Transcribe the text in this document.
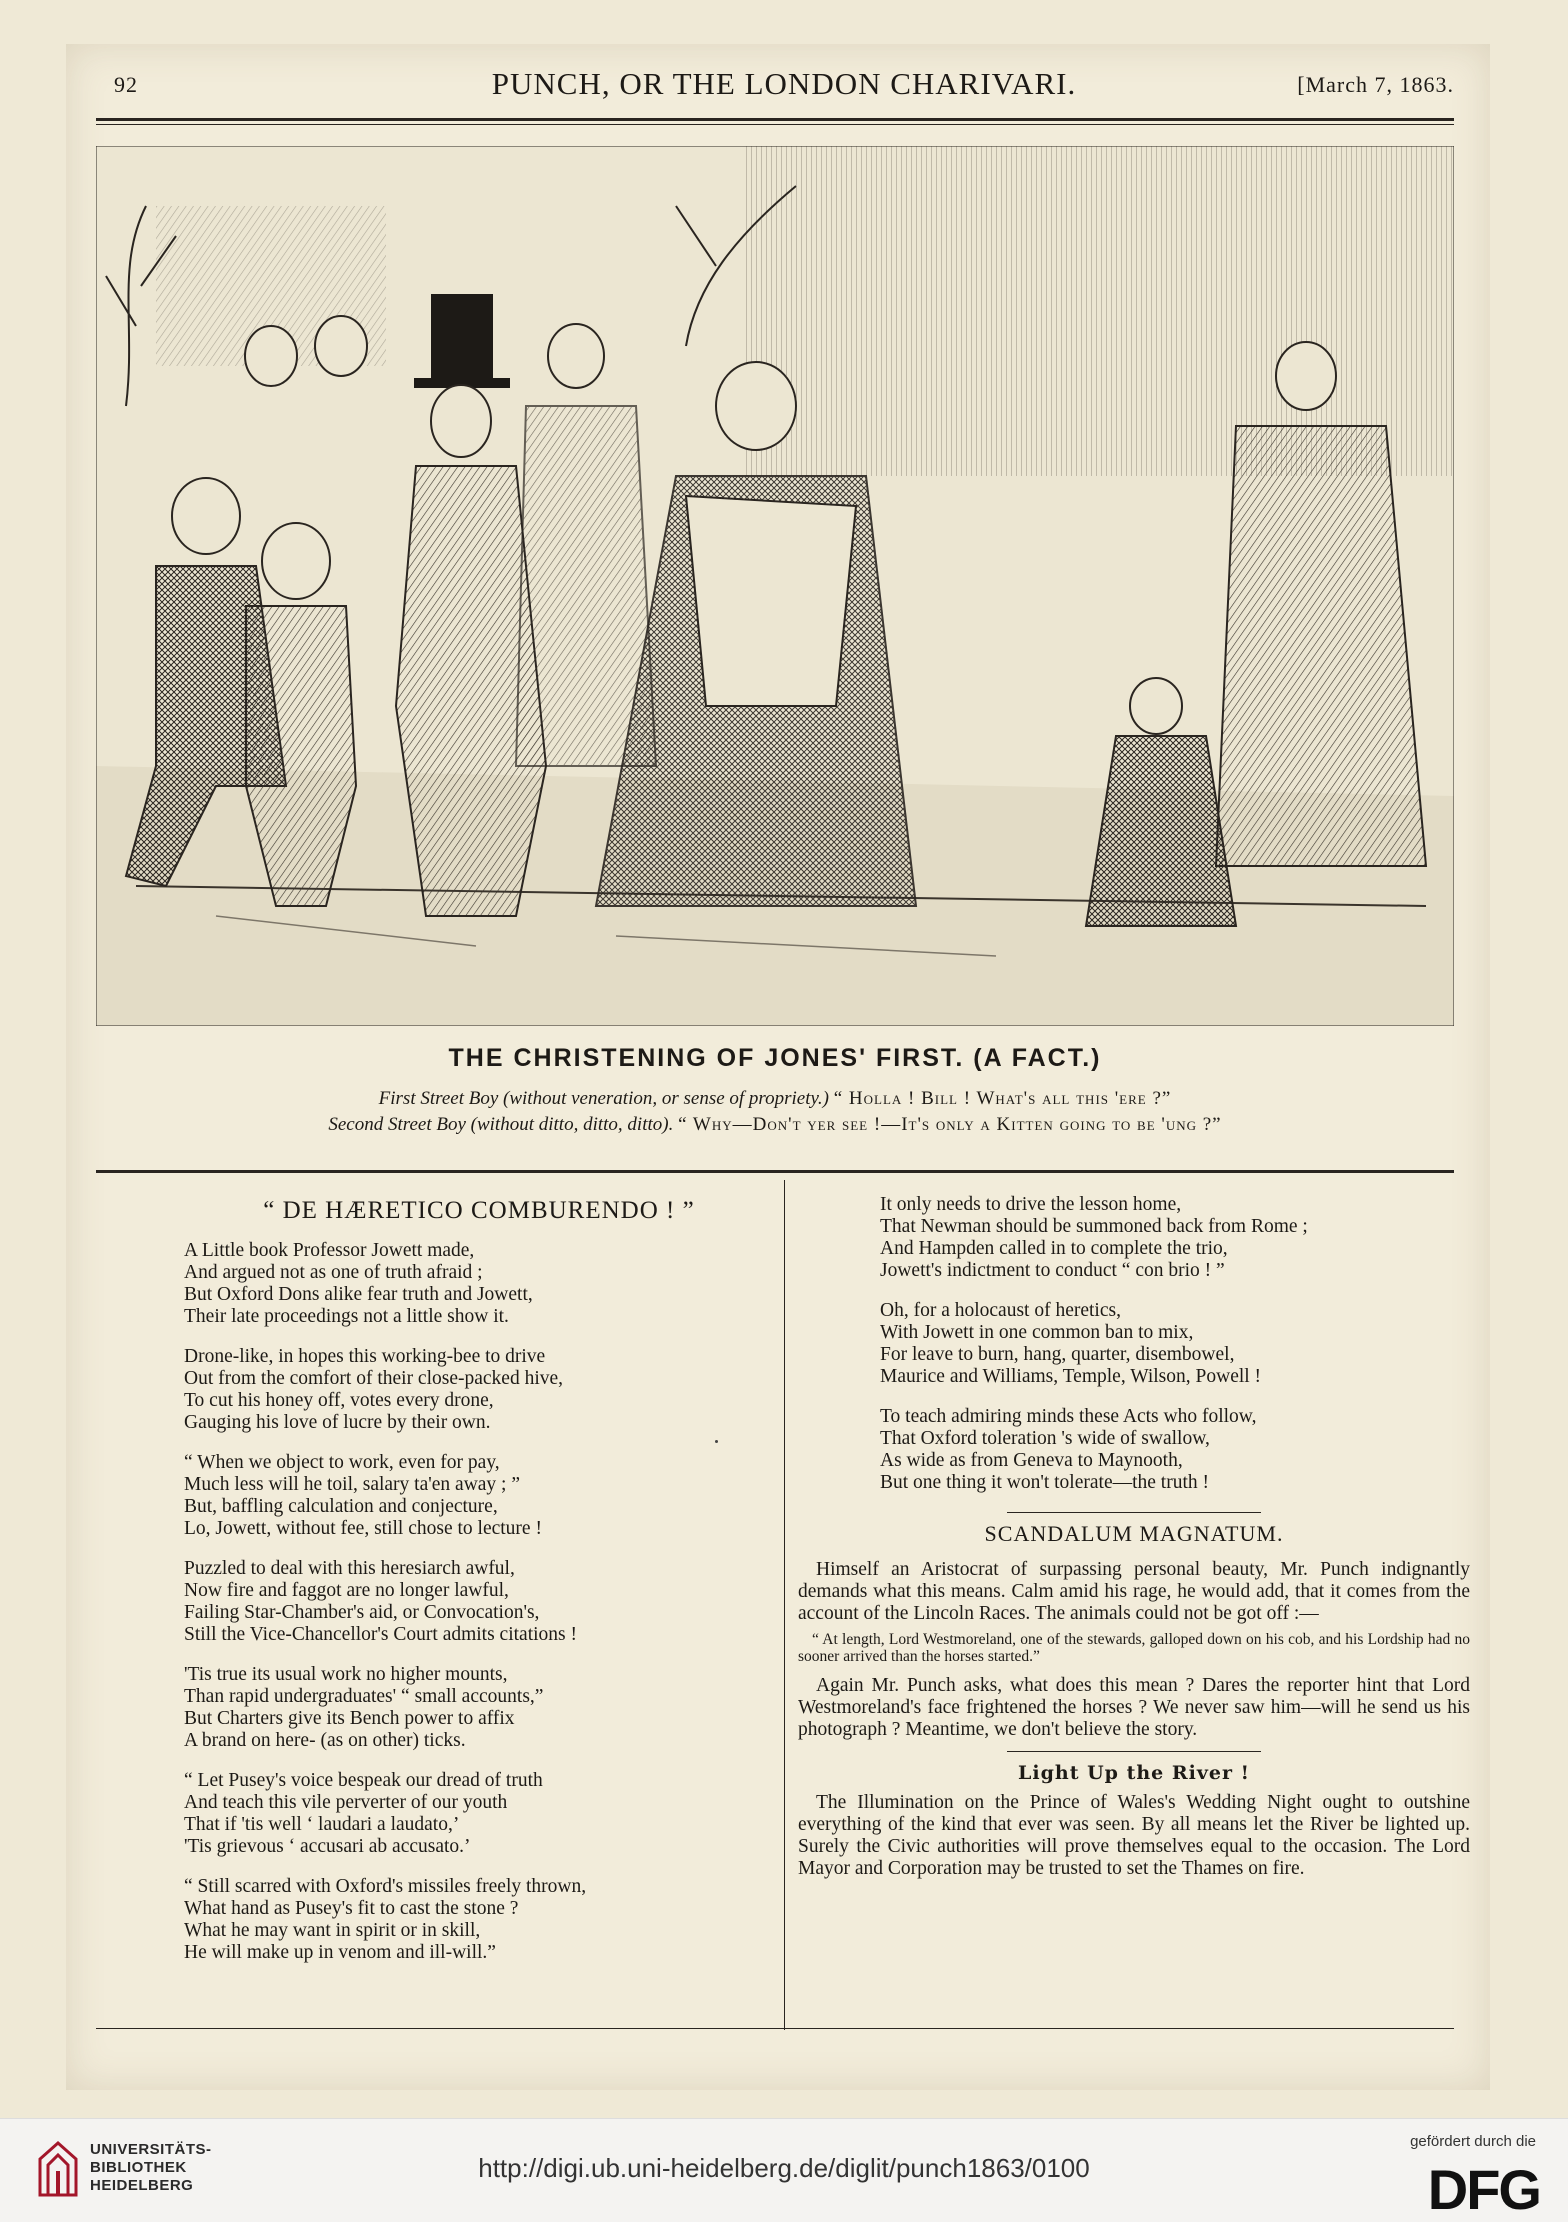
92	PUNCH, OR THE LONDON CHARIVARI.	[March 7, 1863.
THE CHRISTENING OF JONES' FIRST. (A FACT.)
First Street Boy (without veneration, or sense of propriety.) “ Holla ! Bill ! What's all this 'ere ?”
Second Street Boy (without ditto, ditto, ditto). “ Why—Don't yer see !—It's only a Kitten going to be 'ung ?”
“ DE HÆRETICO COMBURENDO ! ”
A Little book Professor Jowett made,
And argued not as one of truth afraid ;
But Oxford Dons alike fear truth and Jowett,
Their late proceedings not a little show it.
Drone-like, in hopes this working-bee to drive
Out from the comfort of their close-packed hive,
To cut his honey off, votes every drone,
Gauging his love of lucre by their own.
“ When we object to work, even for pay,
Much less will he toil, salary ta'en away ; ”
But, baffling calculation and conjecture,
Lo, Jowett, without fee, still chose to lecture !
Puzzled to deal with this heresiarch awful,
Now fire and faggot are no longer lawful,
Failing Star-Chamber's aid, or Convocation's,
Still the Vice-Chancellor's Court admits citations !
'Tis true its usual work no higher mounts,
Than rapid undergraduates' “ small accounts,”
But Charters give its Bench power to affix
A brand on here- (as on other) ticks.
“ Let Pusey's voice bespeak our dread of truth
And teach this vile perverter of our youth
That if 'tis well ‘ laudari a laudato,’
'Tis grievous ‘ accusari ab accusato.’
“ Still scarred with Oxford's missiles freely thrown,
What hand as Pusey's fit to cast the stone ?
What he may want in spirit or in skill,
He will make up in venom and ill-will.”
It only needs to drive the lesson home,
That Newman should be summoned back from Rome ;
And Hampden called in to complete the trio,
Jowett's indictment to conduct “ con brio ! ”
Oh, for a holocaust of heretics,
With Jowett in one common ban to mix,
For leave to burn, hang, quarter, disembowel,
Maurice and Williams, Temple, Wilson, Powell !
To teach admiring minds these Acts who follow,
That Oxford toleration 's wide of swallow,
As wide as from Geneva to Maynooth,
But one thing it won't tolerate—the truth !
SCANDALUM MAGNATUM.

Himself an Aristocrat of surpassing personal beauty, Mr. Punch indignantly demands what this means. Calm amid his rage, he would add, that it comes from the account of the Lincoln Races. The animals could not be got off :—

“ At length, Lord Westmoreland, one of the stewards, galloped down on his cob, and his Lordship had no sooner arrived than the horses started.”

Again Mr. Punch asks, what does this mean ? Dares the reporter hint that Lord Westmoreland's face frightened the horses ? We never saw him—will he send us his photograph ? Meantime, we don't believe the story.

Light Up the River !

The Illumination on the Prince of Wales's Wedding Night ought to outshine everything of the kind that ever was seen. By all means let the River be lighted up. Surely the Civic authorities will prove themselves equal to the occasion. The Lord Mayor and Corporation may be trusted to set the Thames on fire.

UNIVERSITÄTS-
BIBLIOTHEK
HEIDELBERG
http://digi.ub.uni-heidelberg.de/diglit/punch1863/0100
gefördert durch die
DFG
